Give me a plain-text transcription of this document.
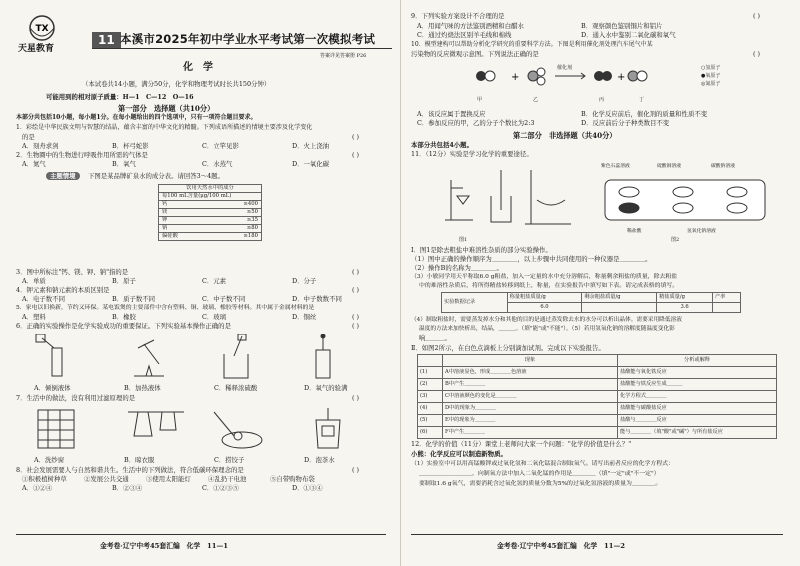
TX
天星教育
11 本溪市2025年初中学业水平考试第一次模拟考试
答案详见答案册 P26
化　学
（本试卷共14小题，满分50分，化学和物理考试时长共150分钟）
可能用到的相对原子质量：H—1　C—12　O—16
第一部分　选择题（共10分）
本部分共包括10小题，每小题1分。在每小题给出的四个选项中，只有一项符合题目要求。
1．彩绘是中华民族文明与智慧的结晶，蕴含丰富的中华文化的精髓。下列成语所描述的情境主要涉及化学变化
的是	( )
A．刻舟求剑	B．杯弓蛇影	C．立竿见影	D．火上浇油
2．生物圈中的生物进行呼吸作用所需的气体是	( )
A．氮气	B．氧气	C．水蒸气	D．一氧化碳
主题情境	下图是某品牌矿泉水的成分表。请回答3～4题。
饮用天然水中的成分	
每100 mL含量(μg/100 mL)	
钙	≥400
镁	≥50
钾	≥35
钠	≥80
偏硅酸	≥180
3．图中所标注"钙、镁、钾、钠"指的是	( )
A．单质	B．原子	C．元素	D．分子
4．钾元素和钠元素的本质区别是	( )
A．电子数不同	B．质子数不同	C．中子数不同	D．中子数数不同
5．家电以旧换新，节约又环保。某电饭煲的主要部件中含有塑料、铜、玻璃、橡胶等材料。其中属于金属材料的是
( )
A．塑料	B．橡胶	C．玻璃	D．铜丝
6．正确的实验操作是化学实验成功的重要保证。下列实验基本操作正确的是	( )
A．倾倒液体	B．加热液体	C．稀释浓硫酸	D．氧气的验满
7．生活中的做法，没有利用过滤原理的是	( )
A．洗纱窗	B．晾衣服	C．捞饺子	D．泡茶水
8．社会发展需要人与自然和谐共生。生活中的下列做法，符合低碳环保理念的是	( )
①积极植树种草	②发展公共交通	③使用太阳能灯	④乱扔干电池	⑤自带购物布袋
A．①②④	B．②③④	C．①②③⑤	D．①③④
金考卷·辽宁中考45套汇编　化学　11—1
9．下列实验方案设计不合理的是	( )
A．用闻气味的方法鉴别酒精和白醋水	B．观察颜色鉴别铜片和铝片
C．通过灼烧法区别羊毛线和棉线	D．通入水中鉴别二氧化碳和氧气
10．模型建构可以帮助分析化学研究的重要科学方法。下图是利用催化剂处理汽车尾气中某
污染物的反应微观示意图。下列说法正确的是	( )
+	+
甲	乙	丙	丁
催化剂	○氢原子
●氧原子
◎氮原子
A．该反应属于置换反应	B．化学反应前后，催化剂的质量和性质不变
C．参加反应的甲，乙的分子个数比为2:3	D．反应前后分子种类数目不变
第二部分　非选择题（共40分）
本部分共包括4小题。
11．（12分）实验是学习化学的重要途径。
图1
紫色石蕊溶液	硫酸铜溶液	碳酸钠溶液
稀盐酸	氢氧化钠溶液
图2
Ⅰ．图1是除去粗盐中难溶性杂质的部分实验操作。
（1）图中正确的操作顺序为＿＿＿＿，以上步骤中共同使用的一种仪器是＿＿＿＿。
（2）操作B的名称为＿＿＿＿。
（3）小敏同学用天平称取6.0 g粗盐，加入一定量的水中充分溶解后，称量剩余粗盐的质量，除去粗盐
中的难溶性杂质后，将所得精盐转移到纸上，称量，在实验报告中填写如下表。请完成表格的填写。
实验数据记录	称量粗盐质量/g	剩余粗盐质量/g	精盐质量/g	产率
	6.0		3.6	
（4）制取粗盐时，需要蒸发掉水分和其他的目的是通过蒸发除去水的水分可以析出晶体。需要采用降低溶液
温度的方法来加快析出，结晶，＿＿＿。（填"能"或"不能"）。（5）若用氢氧化钠的溶解度随温度变化影
响＿＿＿。
Ⅱ．如图2所示，在白色点滴板上分别滴加试剂。完成以下实验报告。
	现象	分析或解释
(1)	A中溶液显色，形成＿＿＿＿色溶液	盐酸能与氧化铁反应
(2)	B中产生＿＿＿＿	盐酸能与铁反应生成＿＿＿
(3)	C中溶液颜色的变化是＿＿＿＿	化学方程式＿＿＿＿
(4)	D中的现象为＿＿＿＿	盐酸能与碳酸盐反应
(5)	E中的现象为＿＿＿＿	盐酸与＿＿＿＿反应
(6)	F中产生＿＿＿＿	能与＿＿＿＿（填"酸"或"碱"）与所有盐反应
12．化学的价值（11分）课堂上老师问大家一个问题："化学的价值是什么？"
小熊：化学反应可以制造新物质。
（1）实验室中可以用高锰酸钾或过氧化氢和二氧化锰混合制取氧气。请写出前者反应的化学方程式：
＿＿＿＿＿＿＿＿＿，向制氧方法中加入二氧化锰的作用是＿＿＿＿（填"一定"或"不一定"）
要制取1.6 g氧气，需要消耗含过氧化氢的质量分数为5%的过氧化氢溶液的质量为＿＿＿＿。
金考卷·辽宁中考45套汇编　化学　11—2
